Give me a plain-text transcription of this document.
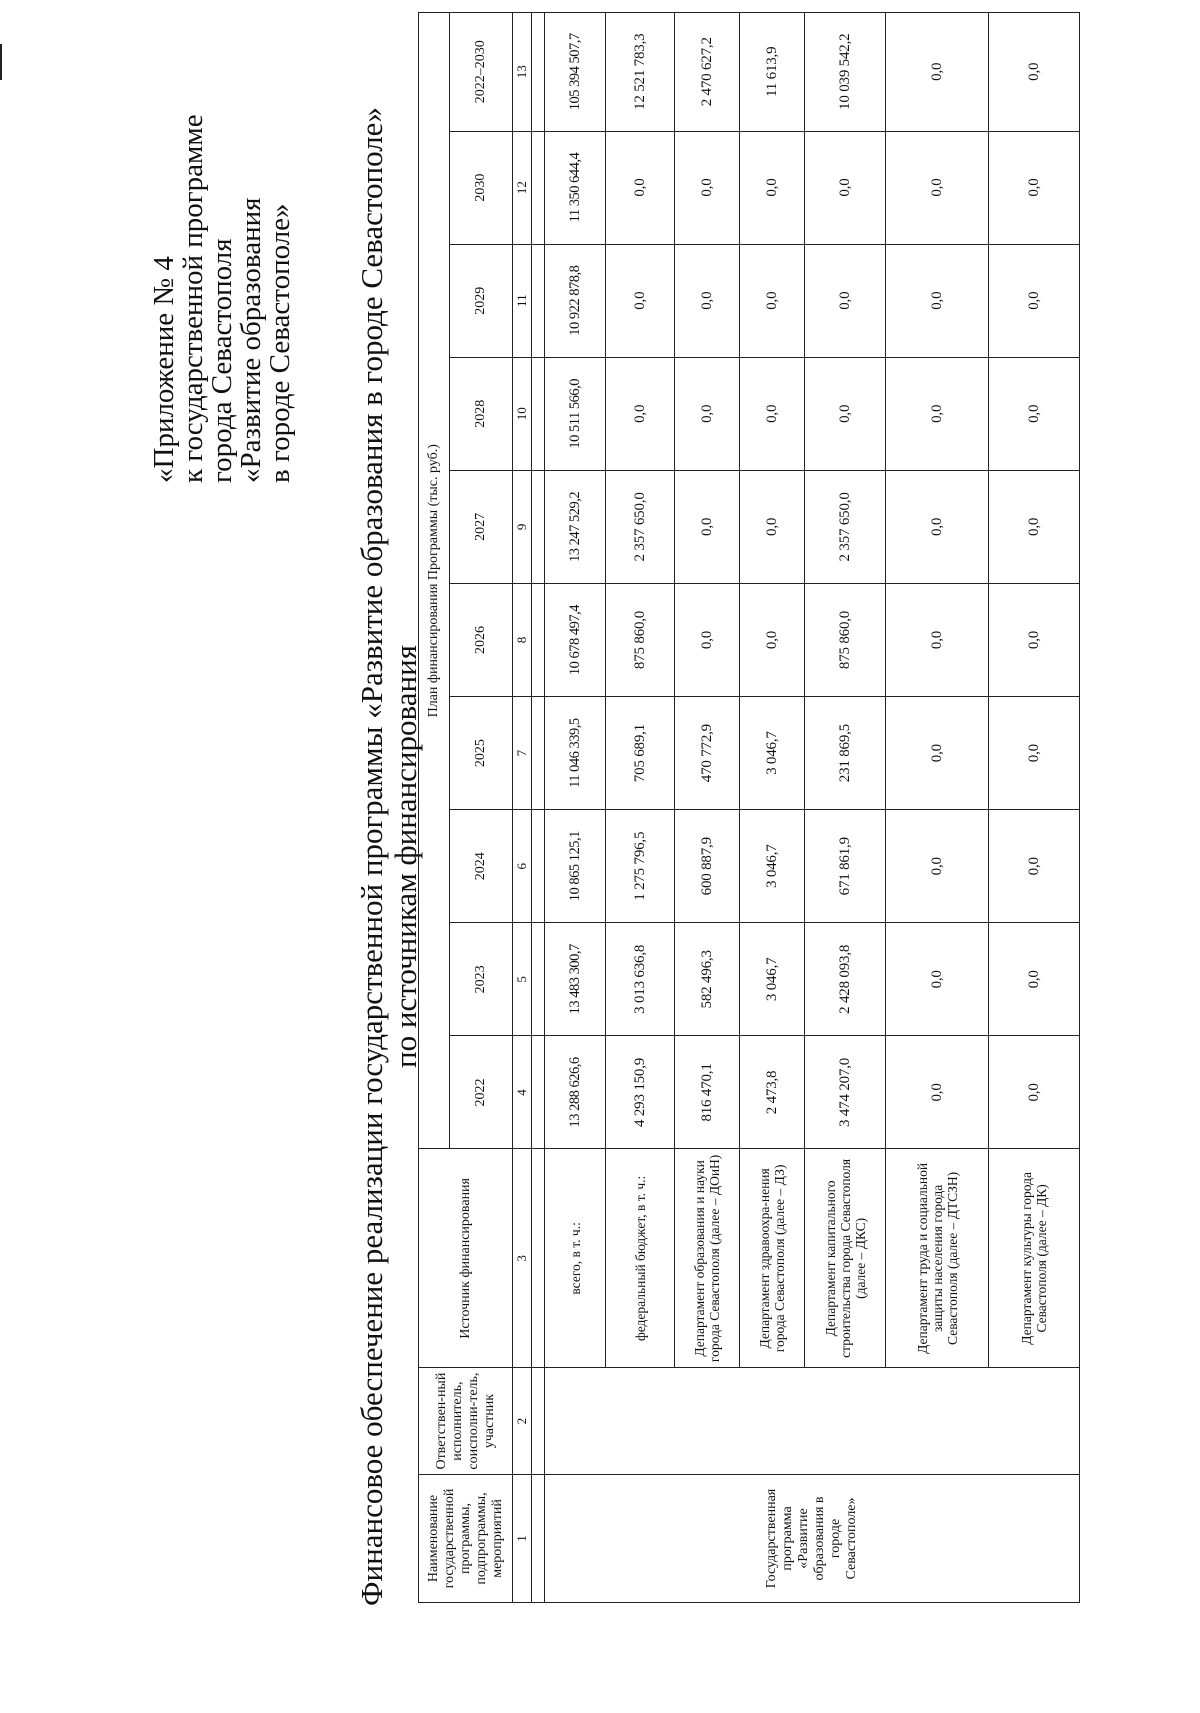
«Приложение № 4
к государственной программе
города Севастополя
«Развитие образования
в городе Севастополе» Финансовое обеспечение реализации государственной программы «Развитие образования в городе Севастополе» по источникам финансирования
Наименование государственной программы, подпрограммы, мероприятий	Ответствен-ный исполнитель, соисполни-тель, участник	Источник финансирования	План финансирования Программы (тыс. руб.)									
			2022	2023	2024	2025	2026	2027	2028	2029	2030	2022–2030
1	2	3	4	5	6	7	8	9	10	11	12	13

Государственная программа «Развитие образования в городе Севастополе»		всего, в т. ч.:	13 288 626,6	13 483 300,7	10 865 125,1	11 046 339,5	10 678 497,4	13 247 529,2	10 511 566,0	10 922 878,8	11 350 644,4	105 394 507,7
		федеральный бюджет, в т. ч.:	4 293 150,9	3 013 636,8	1 275 796,5	705 689,1	875 860,0	2 357 650,0	0,0	0,0	0,0	12 521 783,3
		Департамент образования и науки города Севастополя (далее – ДОиН)	816 470,1	582 496,3	600 887,9	470 772,9	0,0	0,0	0,0	0,0	0,0	2 470 627,2
		Департамент здравоохра-нения города Севастополя (далее – ДЗ)	2 473,8	3 046,7	3 046,7	3 046,7	0,0	0,0	0,0	0,0	0,0	11 613,9
		Департамент капитального строительства города Севастополя (далее – ДКС)	3 474 207,0	2 428 093,8	671 861,9	231 869,5	875 860,0	2 357 650,0	0,0	0,0	0,0	10 039 542,2
		Департамент труда и социальной защиты населения города Севастополя (далее – ДТСЗН)	0,0	0,0	0,0	0,0	0,0	0,0	0,0	0,0	0,0	0,0
		Департамент культуры города Севастополя (далее – ДК)	0,0	0,0	0,0	0,0	0,0	0,0	0,0	0,0	0,0	0,0
